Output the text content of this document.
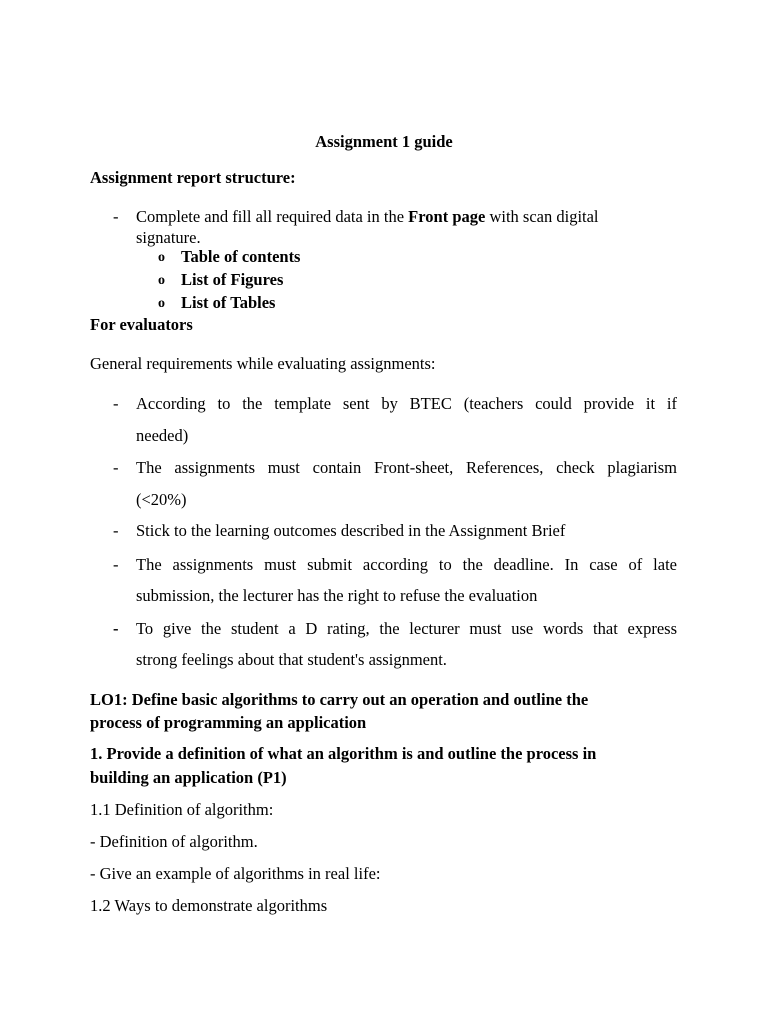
Assignment 1 guide
Assignment report structure:
- Complete and fill all required data in the Front page with scan digital
signature.
o Table of contents
o List of Figures
o List of Tables
For evaluators
General requirements while evaluating assignments:
- According to the template sent by BTEC (teachers could provide it if
needed)
- The assignments must contain Front-sheet, References, check plagiarism
(<20%)
- Stick to the learning outcomes described in the Assignment Brief
- The assignments must submit according to the deadline. In case of late
submission, the lecturer has the right to refuse the evaluation
- To give the student a D rating, the lecturer must use words that express
strong feelings about that student's assignment.
LO1: Define basic algorithms to carry out an operation and outline the
process of programming an application
1. Provide a definition of what an algorithm is and outline the process in
building an application (P1)
1.1 Definition of algorithm:
- Definition of algorithm.
- Give an example of algorithms in real life:
1.2 Ways to demonstrate algorithms
